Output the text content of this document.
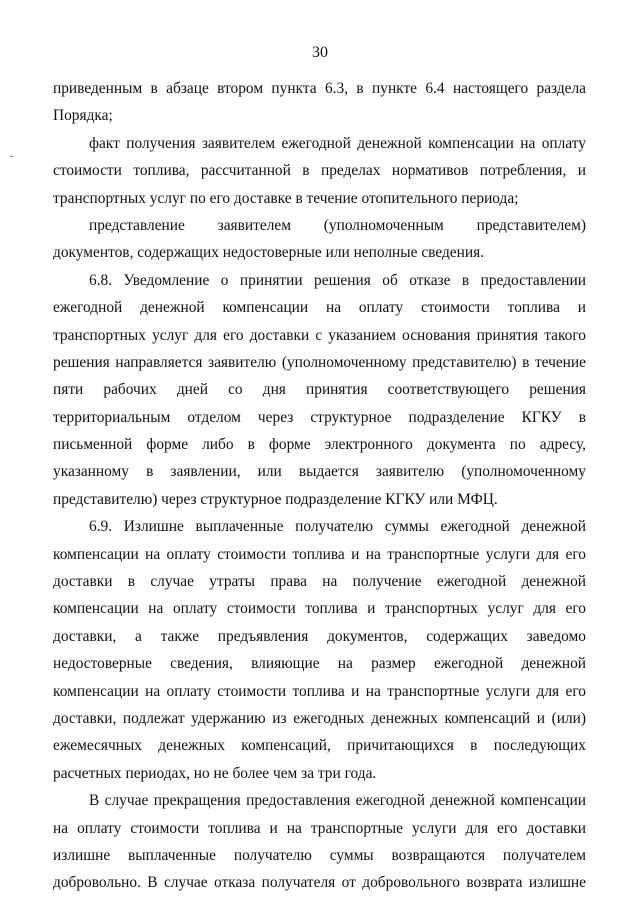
30
приведенным в абзаце втором пункта 6.3, в пункте 6.4 настоящего раздела
Порядка;
факт получения заявителем ежегодной денежной компенсации на оплату
стоимости топлива, рассчитанной в пределах нормативов потребления, и
транспортных услуг по его доставке в течение отопительного периода;
представление заявителем (уполномоченным представителем)
документов, содержащих недостоверные или неполные сведения.
6.8. Уведомление о принятии решения об отказе в предоставлении
ежегодной денежной компенсации на оплату стоимости топлива и
транспортных услуг для его доставки с указанием основания принятия такого
решения направляется заявителю (уполномоченному представителю) в течение
пяти рабочих дней со дня принятия соответствующего решения
территориальным отделом через структурное подразделение КГКУ в
письменной форме либо в форме электронного документа по адресу,
указанному в заявлении, или выдается заявителю (уполномоченному
представителю) через структурное подразделение КГКУ или МФЦ.
6.9. Излишне выплаченные получателю суммы ежегодной денежной
компенсации на оплату стоимости топлива и на транспортные услуги для его
доставки в случае утраты права на получение ежегодной денежной
компенсации на оплату стоимости топлива и транспортных услуг для его
доставки, а также предъявления документов, содержащих заведомо
недостоверные сведения, влияющие на размер ежегодной денежной
компенсации на оплату стоимости топлива и на транспортные услуги для его
доставки, подлежат удержанию из ежегодных денежных компенсаций и (или)
ежемесячных денежных компенсаций, причитающихся в последующих
расчетных периодах, но не более чем за три года.
В случае прекращения предоставления ежегодной денежной компенсации
на оплату стоимости топлива и на транспортные услуги для его доставки
излишне выплаченные получателю суммы возвращаются получателем
добровольно. В случае отказа получателя от добровольного возврата излишне
